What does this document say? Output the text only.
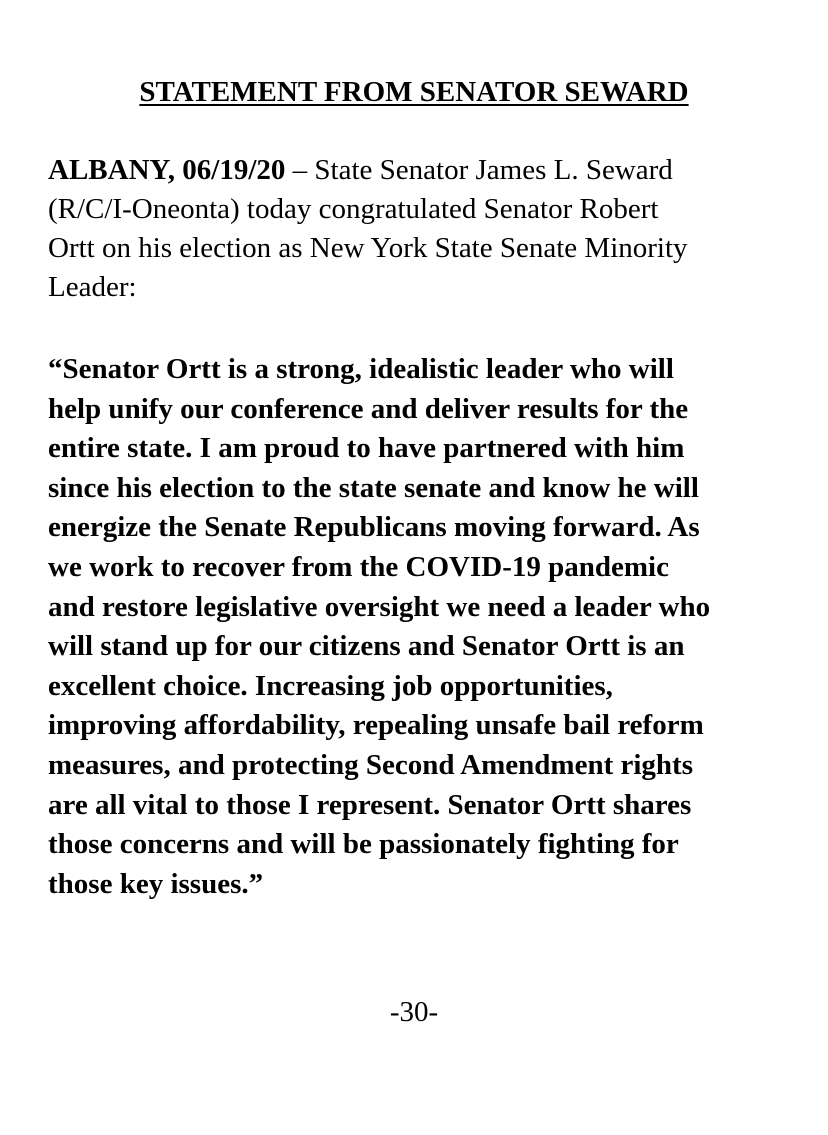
STATEMENT FROM SENATOR SEWARD
ALBANY, 06/19/20 – State Senator James L. Seward
(R/C/I-Oneonta) today congratulated Senator Robert
Ortt on his election as New York State Senate Minority
Leader:
“Senator Ortt is a strong, idealistic leader who will
help unify our conference and deliver results for the
entire state. I am proud to have partnered with him
since his election to the state senate and know he will
energize the Senate Republicans moving forward. As
we work to recover from the COVID-19 pandemic
and restore legislative oversight we need a leader who
will stand up for our citizens and Senator Ortt is an
excellent choice. Increasing job opportunities,
improving affordability, repealing unsafe bail reform
measures, and protecting Second Amendment rights
are all vital to those I represent. Senator Ortt shares
those concerns and will be passionately fighting for
those key issues.”
-30-
